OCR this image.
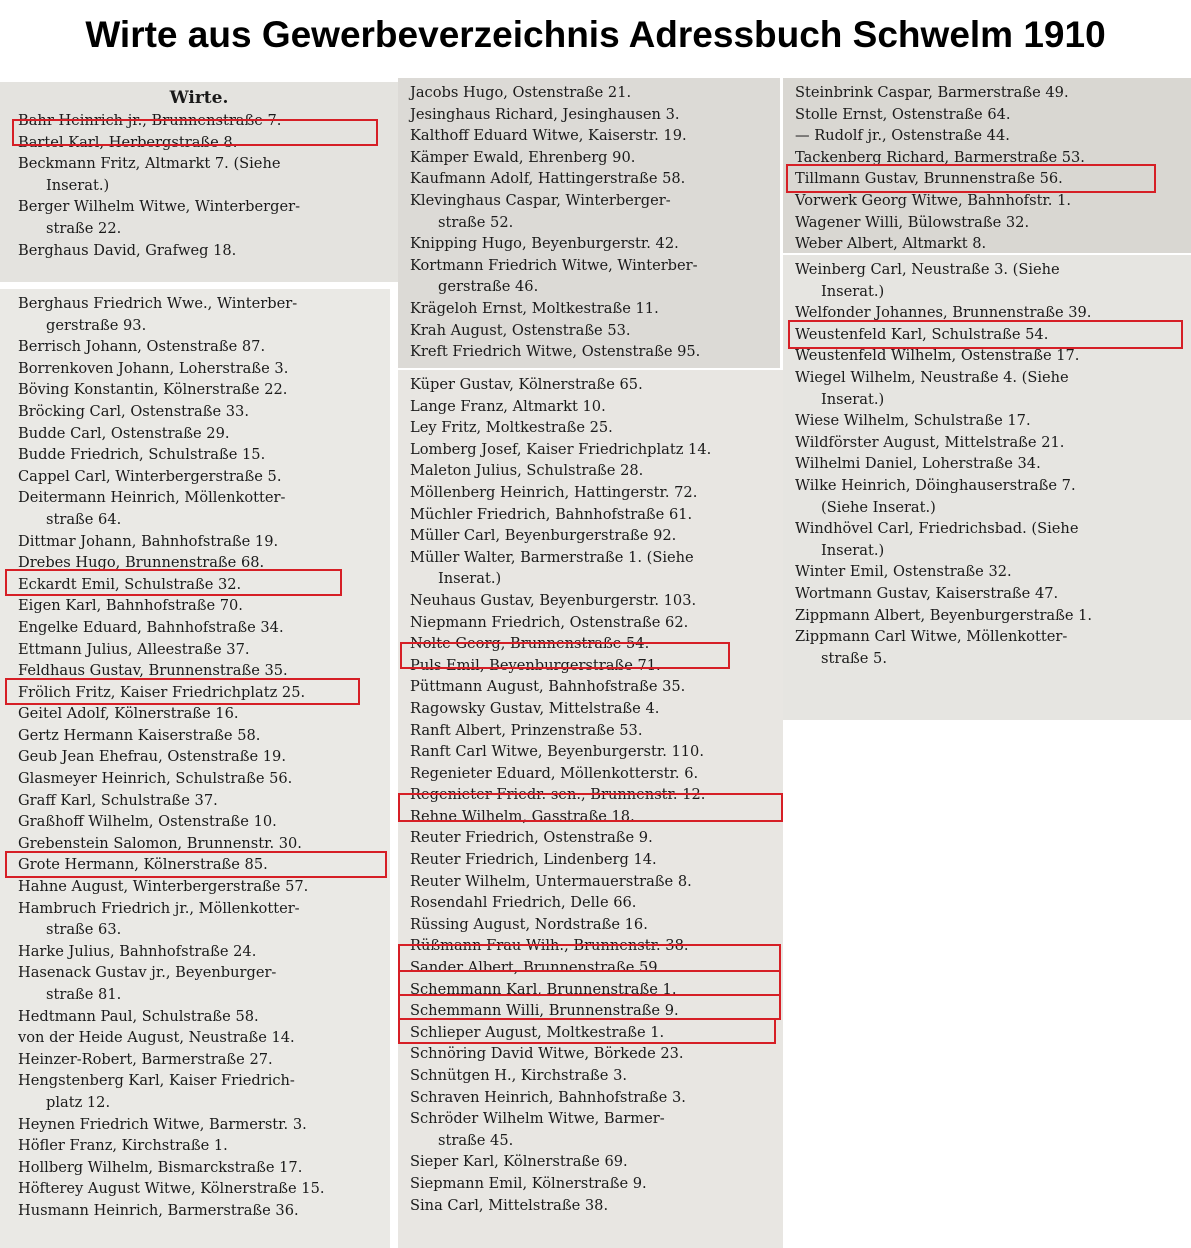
Wirte aus Gewerbeverzeichnis Adressbuch Schwelm 1910
Wirte.
Bahr Heinrich jr., Brunnenstraße 7.
Bartel Karl, Herbergstraße 8.
Beckmann Fritz, Altmarkt 7. (Siehe
Inserat.)
Berger Wilhelm Witwe, Winterberger-
straße 22.
Berghaus David, Grafweg 18.
Berghaus Friedrich Wwe., Winterber-
gerstraße 93.
Berrisch Johann, Ostenstraße 87.
Borrenkoven Johann, Loherstraße 3.
Böving Konstantin, Kölnerstraße 22.
Bröcking Carl, Ostenstraße 33.
Budde Carl, Ostenstraße 29.
Budde Friedrich, Schulstraße 15.
Cappel Carl, Winterbergerstraße 5.
Deitermann Heinrich, Möllenkotter-
straße 64.
Dittmar Johann, Bahnhofstraße 19.
Drebes Hugo, Brunnenstraße 68.
Eckardt Emil, Schulstraße 32.
Eigen Karl, Bahnhofstraße 70.
Engelke Eduard, Bahnhofstraße 34.
Ettmann Julius, Alleestraße 37.
Feldhaus Gustav, Brunnenstraße 35.
Frölich Fritz, Kaiser Friedrichplatz 25.
Geitel Adolf, Kölnerstraße 16.
Gertz Hermann Kaiserstraße 58.
Geub Jean Ehefrau, Ostenstraße 19.
Glasmeyer Heinrich, Schulstraße 56.
Graff Karl, Schulstraße 37.
Graßhoff Wilhelm, Ostenstraße 10.
Grebenstein Salomon, Brunnenstr. 30.
Grote Hermann, Kölnerstraße 85.
Hahne August, Winterbergerstraße 57.
Hambruch Friedrich jr., Möllenkotter-
straße 63.
Harke Julius, Bahnhofstraße 24.
Hasenack Gustav jr., Beyenburger-
straße 81.
Hedtmann Paul, Schulstraße 58.
von der Heide August, Neustraße 14.
Heinzer-Robert, Barmerstraße 27.
Hengstenberg Karl, Kaiser Friedrich-
platz 12.
Heynen Friedrich Witwe, Barmerstr. 3.
Höfler Franz, Kirchstraße 1.
Hollberg Wilhelm, Bismarckstraße 17.
Höfterey August Witwe, Kölnerstraße 15.
Husmann Heinrich, Barmerstraße 36.
Jacobs Hugo, Ostenstraße 21.
Jesinghaus Richard, Jesinghausen 3.
Kalthoff Eduard Witwe, Kaiserstr. 19.
Kämper Ewald, Ehrenberg 90.
Kaufmann Adolf, Hattingerstraße 58.
Klevinghaus Caspar, Winterberger-
straße 52.
Knipping Hugo, Beyenburgerstr. 42.
Kortmann Friedrich Witwe, Winterber-
gerstraße 46.
Krägeloh Ernst, Moltkestraße 11.
Krah August, Ostenstraße 53.
Kreft Friedrich Witwe, Ostenstraße 95.
Küper Gustav, Kölnerstraße 65.
Lange Franz, Altmarkt 10.
Ley Fritz, Moltkestraße 25.
Lomberg Josef, Kaiser Friedrichplatz 14.
Maleton Julius, Schulstraße 28.
Möllenberg Heinrich, Hattingerstr. 72.
Müchler Friedrich, Bahnhofstraße 61.
Müller Carl, Beyenburgerstraße 92.
Müller Walter, Barmerstraße 1. (Siehe
Inserat.)
Neuhaus Gustav, Beyenburgerstr. 103.
Niepmann Friedrich, Ostenstraße 62.
Nolte Georg, Brunnenstraße 54.
Puls Emil, Beyenburgerstraße 71.
Püttmann August, Bahnhofstraße 35.
Ragowsky Gustav, Mittelstraße 4.
Ranft Albert, Prinzenstraße 53.
Ranft Carl Witwe, Beyenburgerstr. 110.
Regenieter Eduard, Möllenkotterstr. 6.
Regenieter Friedr. sen., Brunnenstr. 12.
Rehne Wilhelm, Gasstraße 18.
Reuter Friedrich, Ostenstraße 9.
Reuter Friedrich, Lindenberg 14.
Reuter Wilhelm, Untermauerstraße 8.
Rosendahl Friedrich, Delle 66.
Rüssing August, Nordstraße 16.
Rüßmann Frau Wilh., Brunnenstr. 38.
Sander Albert, Brunnenstraße 59.
Schemmann Karl, Brunnenstraße 1.
Schemmann Willi, Brunnenstraße 9.
Schlieper August, Moltkestraße 1.
Schnöring David Witwe, Börkede 23.
Schnütgen H., Kirchstraße 3.
Schraven Heinrich, Bahnhofstraße 3.
Schröder Wilhelm Witwe, Barmer-
straße 45.
Sieper Karl, Kölnerstraße 69.
Siepmann Emil, Kölnerstraße 9.
Sina Carl, Mittelstraße 38.
Steinbrink Caspar, Barmerstraße 49.
Stolle Ernst, Ostenstraße 64.
— Rudolf jr., Ostenstraße 44.
Tackenberg Richard, Barmerstraße 53.
Tillmann Gustav, Brunnenstraße 56.
Vorwerk Georg Witwe, Bahnhofstr. 1.
Wagener Willi, Bülowstraße 32.
Weber Albert, Altmarkt 8.
Weinberg Carl, Neustraße 3. (Siehe
Inserat.)
Welfonder Johannes, Brunnenstraße 39.
Weustenfeld Karl, Schulstraße 54.
Weustenfeld Wilhelm, Ostenstraße 17.
Wiegel Wilhelm, Neustraße 4. (Siehe
Inserat.)
Wiese Wilhelm, Schulstraße 17.
Wildförster August, Mittelstraße 21.
Wilhelmi Daniel, Loherstraße 34.
Wilke Heinrich, Döinghauserstraße 7.
(Siehe Inserat.)
Windhövel Carl, Friedrichsbad. (Siehe
Inserat.)
Winter Emil, Ostenstraße 32.
Wortmann Gustav, Kaiserstraße 47.
Zippmann Albert, Beyenburgerstraße 1.
Zippmann Carl Witwe, Möllenkotter-
straße 5.
